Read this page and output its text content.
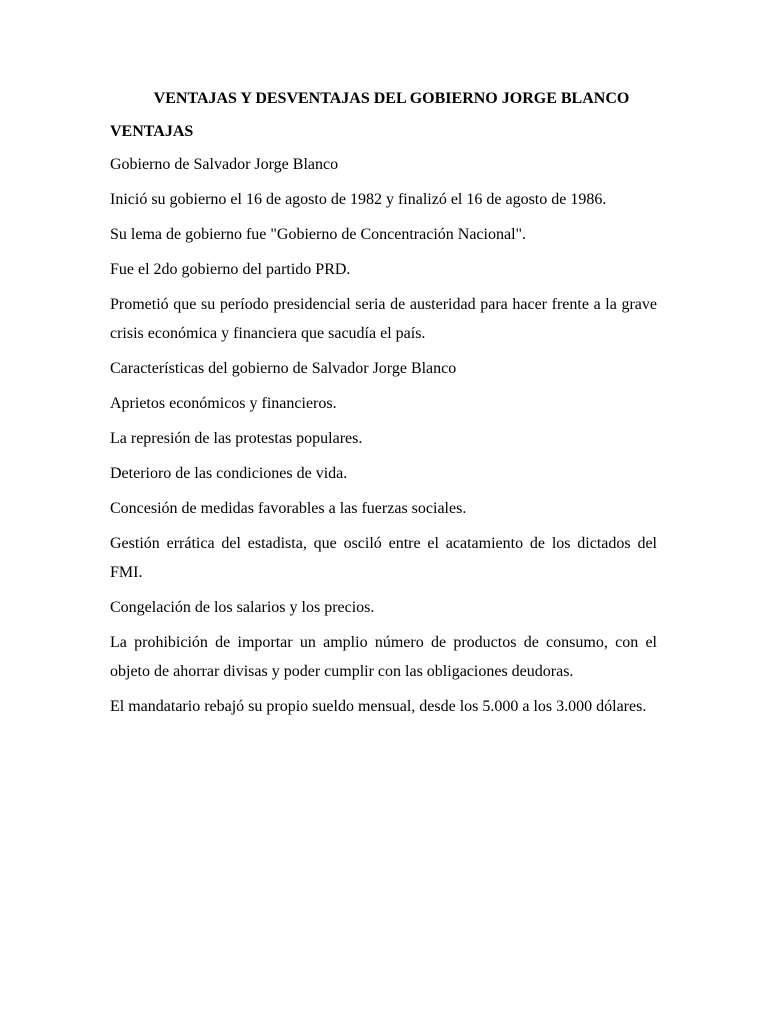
VENTAJAS Y DESVENTAJAS DEL GOBIERNO JORGE BLANCO
VENTAJAS

Gobierno de Salvador Jorge Blanco

Inició su gobierno el 16 de agosto de 1982 y finalizó el 16 de agosto de 1986.

Su lema de gobierno fue "Gobierno de Concentración Nacional".

Fue el 2do gobierno del partido PRD.

Prometió que su período presidencial seria de austeridad para hacer frente a la grave crisis económica y financiera que sacudía el país.

Características del gobierno de Salvador Jorge Blanco

Aprietos económicos y financieros.

La represión de las protestas populares.

Deterioro de las condiciones de vida.

Concesión de medidas favorables a las fuerzas sociales.

Gestión errática del estadista, que osciló entre el acatamiento de los dictados del FMI.

Congelación de los salarios y los precios.

La prohibición de importar un amplio número de productos de consumo, con el objeto de ahorrar divisas y poder cumplir con las obligaciones deudoras.

El mandatario rebajó su propio sueldo mensual, desde los 5.000 a los 3.000 dólares.
